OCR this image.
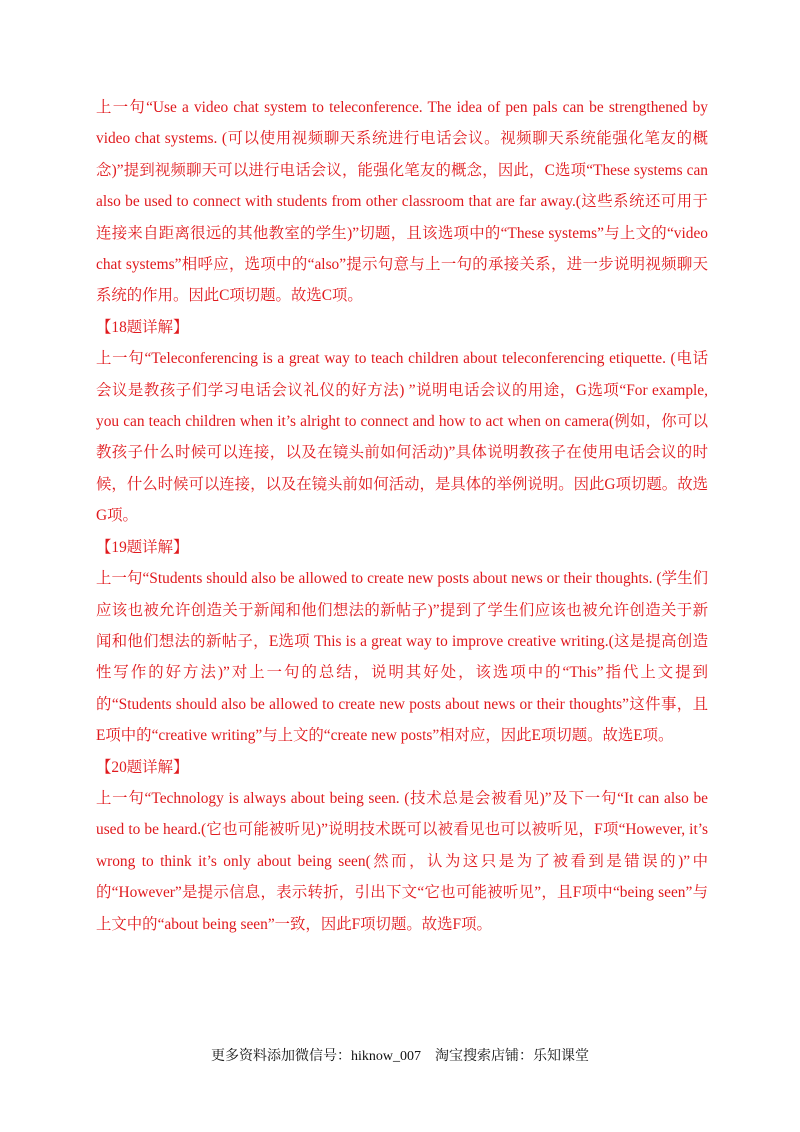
上一句“Use a video chat system to teleconference. The idea of pen pals can be strengthened by video chat systems. (可以使用视频聊天系统进行电话会议。视频聊天系统能强化笔友的概念)”提到视频聊天可以进行电话会议，能强化笔友的概念，因此，C选项“These systems can also be used to connect with students from other classroom that are far away.(这些系统还可用于连接来自距离很远的其他教室的学生)”切题，且该选项中的“These systems”与上文的“video chat systems”相呼应，选项中的“also”提示句意与上一句的承接关系，进一步说明视频聊天系统的作用。因此C项切题。故选C项。

【18题详解】

上一句“Teleconferencing is a great way to teach children about teleconferencing etiquette. (电话会议是教孩子们学习电话会议礼仪的好方法) ”说明电话会议的用途，G选项“For example, you can teach children when it’s alright to connect and how to act when on camera(例如，你可以教孩子什么时候可以连接，以及在镜头前如何活动)”具体说明教孩子在使用电话会议的时候，什么时候可以连接，以及在镜头前如何活动，是具体的举例说明。因此G项切题。故选G项。

【19题详解】

上一句“Students should also be allowed to create new posts about news or their thoughts. (学生们应该也被允许创造关于新闻和他们想法的新帖子)”提到了学生们应该也被允许创造关于新闻和他们想法的新帖子，E选项 This is a great way to improve creative writing.(这是提高创造性写作的好方法)”对上一句的总结，说明其好处，该选项中的“This”指代上文提到的“Students should also be allowed to create new posts about news or their thoughts”这件事，且E项中的“creative writing”与上文的“create new posts”相对应，因此E项切题。故选E项。

【20题详解】

上一句“Technology is always about being seen. (技术总是会被看见)”及下一句“It can also be used to be heard.(它也可能被听见)”说明技术既可以被看见也可以被听见，F项“However, it’s wrong to think it’s only about being seen(然而，认为这只是为了被看到是错误的)”中的“However”是提示信息，表示转折，引出下文“它也可能被听见”，且F项中“being seen”与上文中的“about being seen”一致，因此F项切题。故选F项。

更多资料添加微信号：hiknow_007　淘宝搜索店铺：乐知课堂
